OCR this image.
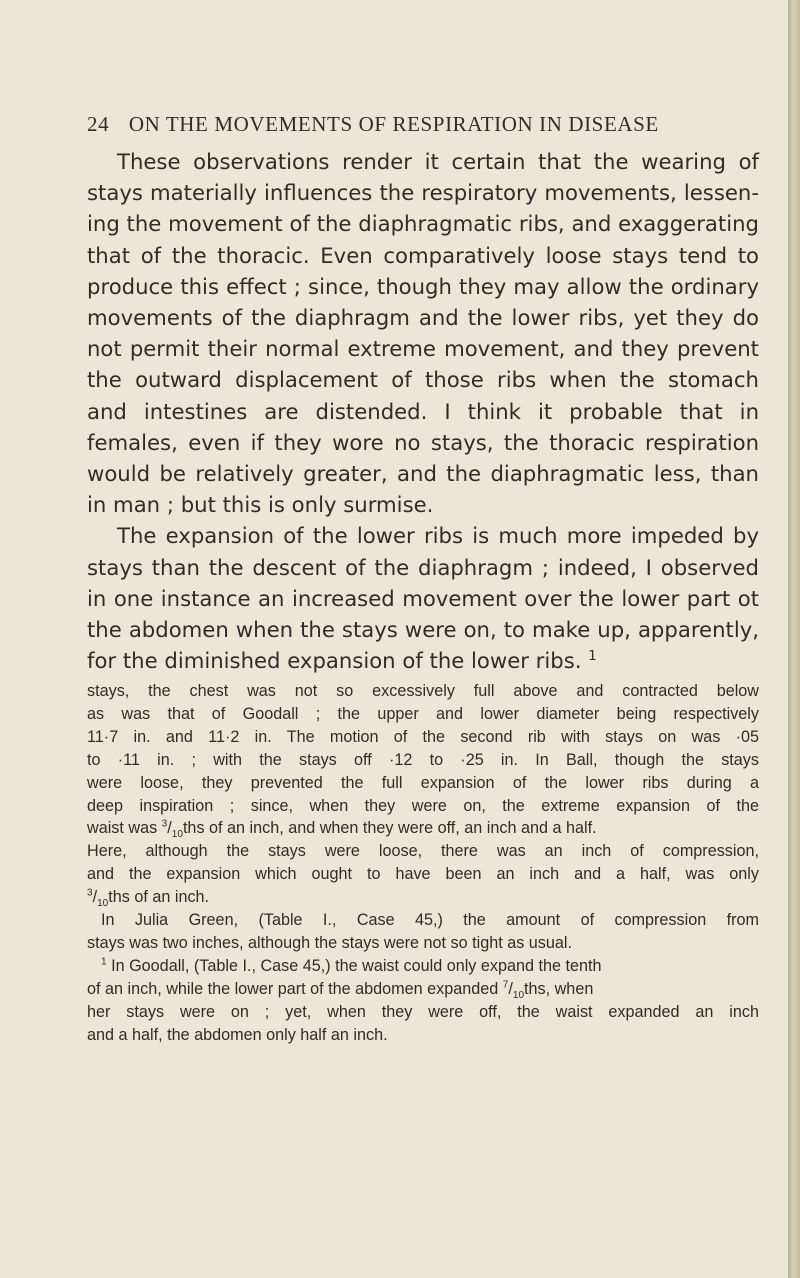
24 ON THE MOVEMENTS OF RESPIRATION IN DISEASE
These observations render it certain that the wearing of
stays materially influences the respiratory movements, lessen-
ing the movement of the diaphragmatic ribs, and exaggerating
that of the thoracic. Even comparatively loose stays tend to
produce this effect ; since, though they may allow the ordinary
movements of the diaphragm and the lower ribs, yet they do
not permit their normal extreme movement, and they prevent
the outward displacement of those ribs when the stomach
and intestines are distended. I think it probable that in
females, even if they wore no stays, the thoracic respiration
would be relatively greater, and the diaphragmatic less, than
in man ; but this is only surmise.
The expansion of the lower ribs is much more impeded by
stays than the descent of the diaphragm ; indeed, I observed
in one instance an increased movement over the lower part ot
the abdomen when the stays were on, to make up, apparently,
for the diminished expansion of the lower ribs. $^1$
stays, the chest was not so excessively full above and contracted below
as was that of Goodall ; the upper and lower diameter being respectively
11·7 in. and 11·2 in. The motion of the second rib with stays on was ·05
to ·11 in. ; with the stays off ·12 to ·25 in. In Ball, though the stays
were loose, they prevented the full expansion of the lower ribs during a
deep inspiration ; since, when they were on, the extreme expansion of the
waist was $^3/_{10}ths$ of an inch, and when they were off, an inch and a half.
Here, although the stays were loose, there was an inch of compression,
and the expansion which ought to have been an inch and a half, was only
$^3/_{10}ths$ of an inch.
In Julia Green, (Table I., Case 45,) the amount of compression from
stays was two inches, although the stays were not so tight as usual.
$^1$ In Goodall, (Table I., Case 45,) the waist could only expand the tenth
of an inch, while the lower part of the abdomen expanded $^7/_{10}ths$, when
her stays were on ; yet, when they were off, the waist expanded an inch
and a half, the abdomen only half an inch.
